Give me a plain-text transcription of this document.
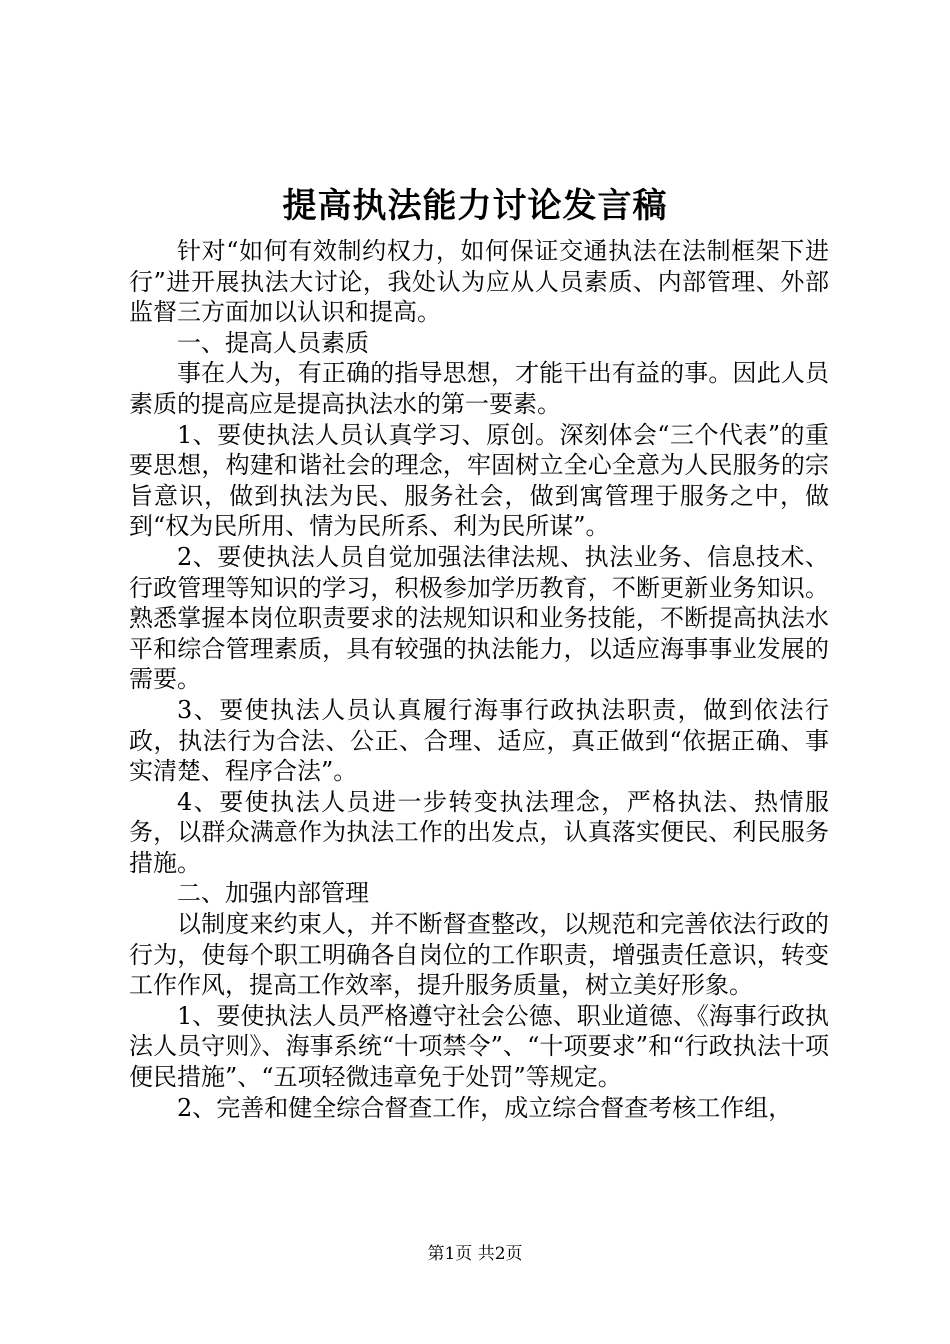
提高执法能力讨论发言稿

针对“如何有效制约权力，如何保证交通执法在法制框架下进行”进开展执法大讨论，我处认为应从人员素质、内部管理、外部监督三方面加以认识和提高。

一、提高人员素质

事在人为，有正确的指导思想，才能干出有益的事。因此人员素质的提高应是提高执法水的第一要素。

1、要使执法人员认真学习、原创。深刻体会“三个代表”的重要思想，构建和谐社会的理念，牢固树立全心全意为人民服务的宗旨意识，做到执法为民、服务社会，做到寓管理于服务之中，做到“权为民所用、情为民所系、利为民所谋”。

2、要使执法人员自觉加强法律法规、执法业务、信息技术、行政管理等知识的学习，积极参加学历教育，不断更新业务知识。熟悉掌握本岗位职责要求的法规知识和业务技能，不断提高执法水平和综合管理素质，具有较强的执法能力，以适应海事事业发展的需要。

3、要使执法人员认真履行海事行政执法职责，做到依法行政，执法行为合法、公正、合理、适应，真正做到“依据正确、事实清楚、程序合法”。

4、要使执法人员进一步转变执法理念，严格执法、热情服务，以群众满意作为执法工作的出发点，认真落实便民、利民服务措施。

二、加强内部管理

以制度来约束人，并不断督查整改，以规范和完善依法行政的行为，使每个职工明确各自岗位的工作职责，增强责任意识，转变工作作风，提高工作效率，提升服务质量，树立美好形象。

1、要使执法人员严格遵守社会公德、职业道德、《海事行政执法人员守则》、海事系统“十项禁令”、“十项要求”和“行政执法十项便民措施”、“五项轻微违章免于处罚”等规定。

2、完善和健全综合督查工作，成立综合督查考核工作组，

第1页 共2页
